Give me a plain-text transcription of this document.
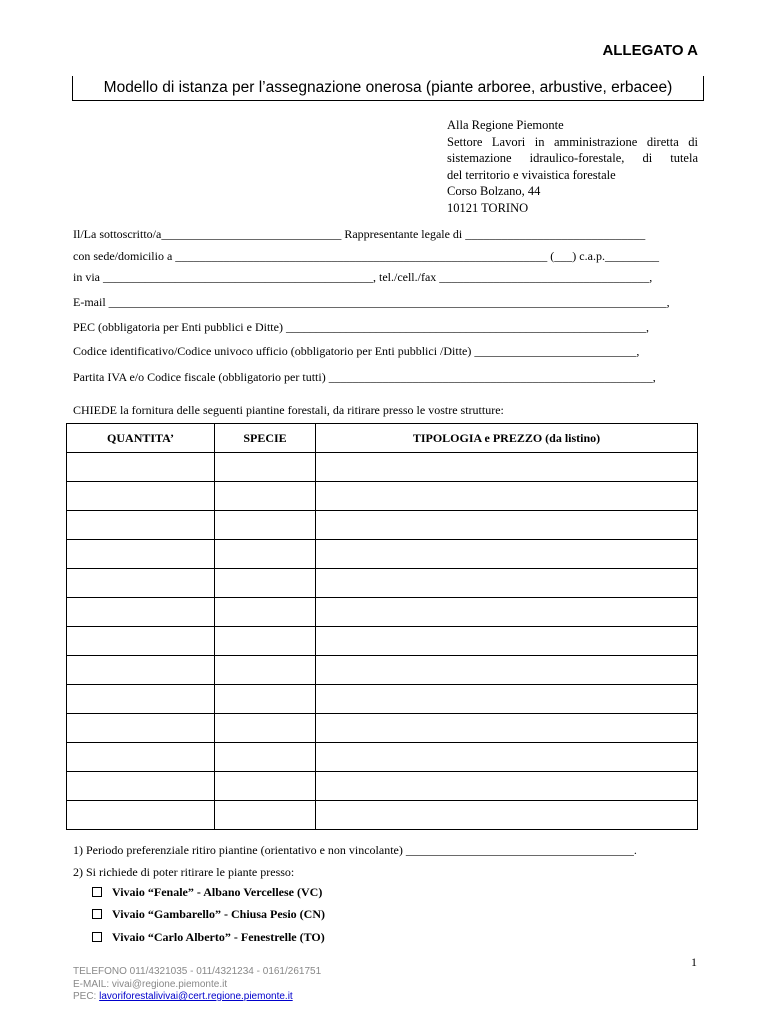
ALLEGATO A
Modello di istanza per l’assegnazione onerosa (piante arboree, arbustive, erbacee)
Alla Regione Piemonte
Settore Lavori in amministrazione diretta di
sistemazione idraulico-forestale, di tutela
del territorio e vivaistica forestale
Corso Bolzano, 44
10121 TORINO
Il/La sottoscritto/a______________________________ Rappresentante legale di ______________________________
con sede/domicilio a ______________________________________________________________ (___) c.a.p._________
in via _____________________________________________, tel./cell./fax ___________________________________,
E-mail _____________________________________________________________________________________________,
PEC (obbligatoria per Enti pubblici e Ditte) ____________________________________________________________,
Codice identificativo/Codice univoco ufficio (obbligatorio per Enti pubblici /Ditte) ___________________________,
Partita IVA e/o Codice fiscale (obbligatorio per tutti) ______________________________________________________,
CHIEDE la fornitura delle seguenti piantine forestali, da ritirare presso le vostre strutture:
QUANTITA’	SPECIE	TIPOLOGIA e PREZZO (da listino)

1) Periodo preferenziale ritiro piantine (orientativo e non vincolante) ______________________________________.
2) Si richiede di poter ritirare le piante presso:
Vivaio “Fenale” - Albano Vercellese (VC)
Vivaio “Gambarello” - Chiusa Pesio (CN)
Vivaio “Carlo Alberto” - Fenestrelle (TO)
1
TELEFONO 011/4321035 - 011/4321234 - 0161/261751
E-MAIL: vivai@regione.piemonte.it
PEC: lavoriforestalivivai@cert.regione.piemonte.it
